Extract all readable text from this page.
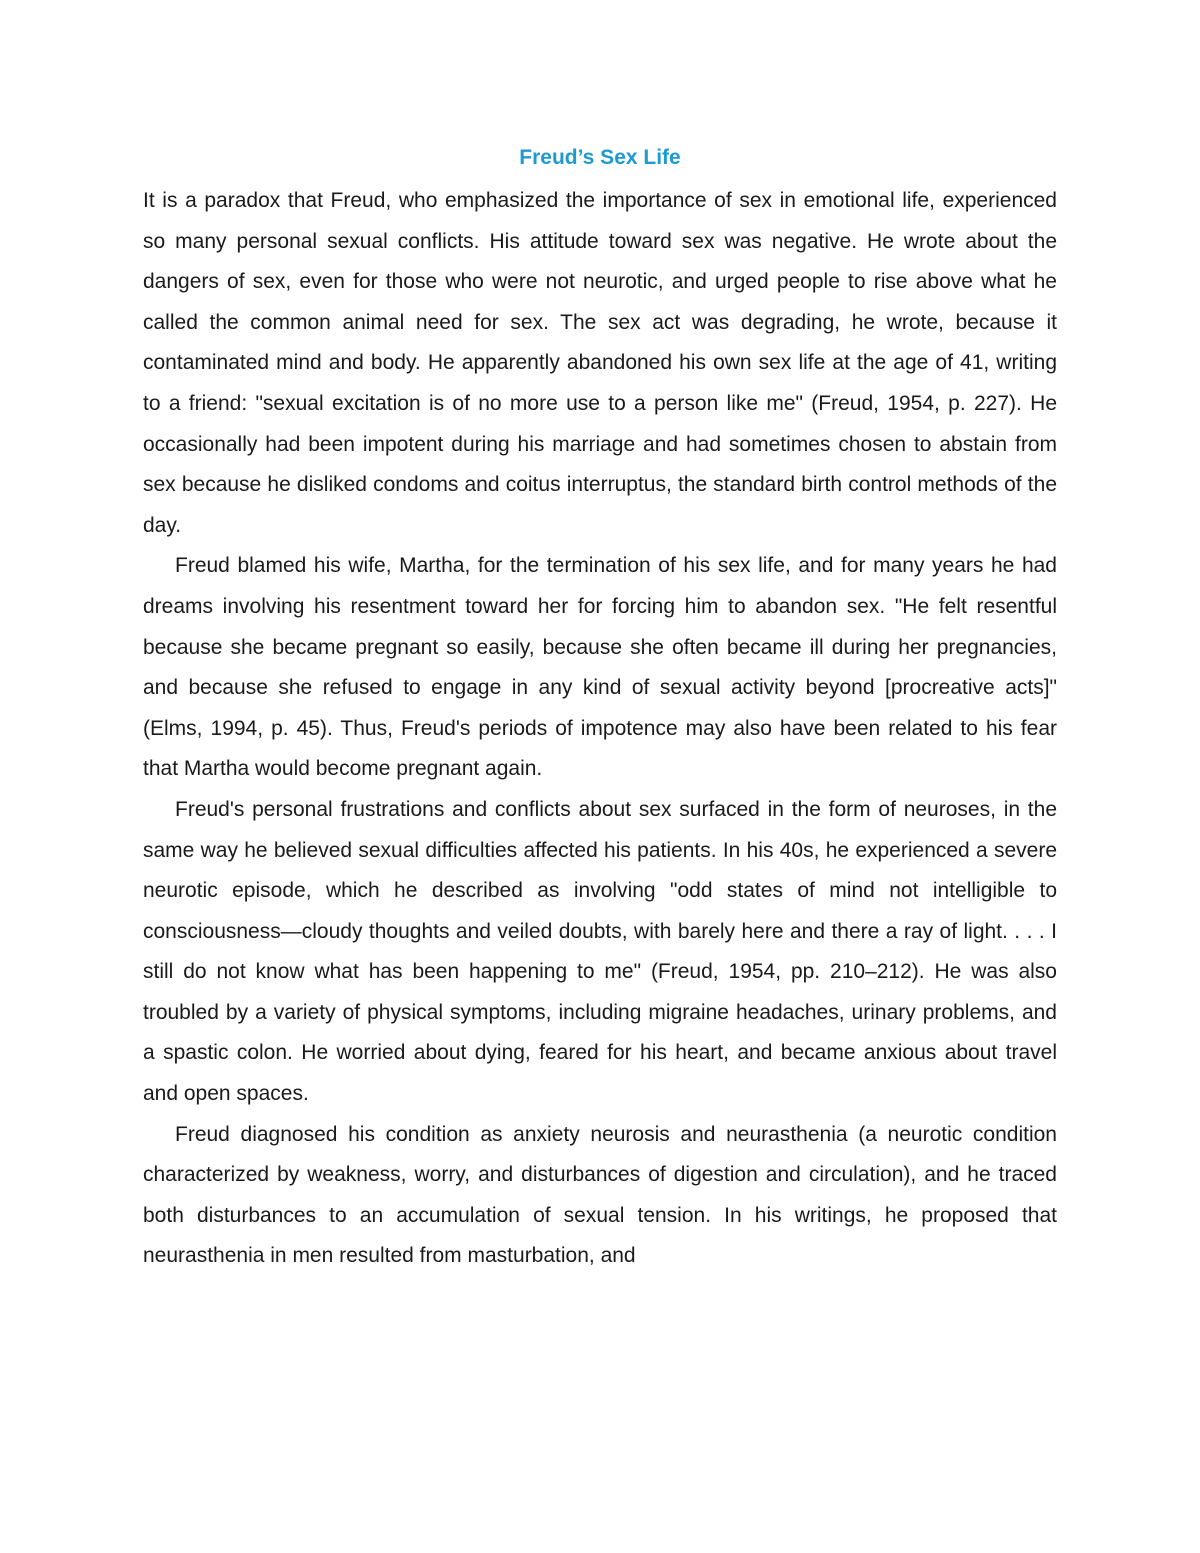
Freud’s Sex Life

It is a paradox that Freud, who emphasized the importance of sex in emotional life, experienced so many personal sexual conflicts. His attitude toward sex was negative. He wrote about the dangers of sex, even for those who were not neurotic, and urged people to rise above what he called the common animal need for sex. The sex act was degrading, he wrote, because it contaminated mind and body. He apparently abandoned his own sex life at the age of 41, writing to a friend: "sexual excitation is of no more use to a person like me" (Freud, 1954, p. 227). He occasionally had been impotent during his marriage and had sometimes chosen to abstain from sex because he disliked condoms and coitus interruptus, the standard birth control methods of the day.

Freud blamed his wife, Martha, for the termination of his sex life, and for many years he had dreams involving his resentment toward her for forcing him to abandon sex. "He felt resentful because she became pregnant so easily, because she often became ill during her pregnancies, and because she refused to engage in any kind of sexual activity beyond [procreative acts]" (Elms, 1994, p. 45). Thus, Freud's periods of impotence may also have been related to his fear that Martha would become pregnant again.

Freud's personal frustrations and conflicts about sex surfaced in the form of neuroses, in the same way he believed sexual difficulties affected his patients. In his 40s, he experienced a severe neurotic episode, which he described as involving "odd states of mind not intelligible to consciousness—cloudy thoughts and veiled doubts, with barely here and there a ray of light. . . . I still do not know what has been happening to me" (Freud, 1954, pp. 210–212). He was also troubled by a variety of physical symptoms, including migraine headaches, urinary problems, and a spastic colon. He worried about dying, feared for his heart, and became anxious about travel and open spaces.

Freud diagnosed his condition as anxiety neurosis and neurasthenia (a neurotic condition characterized by weakness, worry, and disturbances of digestion and circulation), and he traced both disturbances to an accumulation of sexual tension. In his writings, he proposed that neurasthenia in men resulted from masturbation, and
